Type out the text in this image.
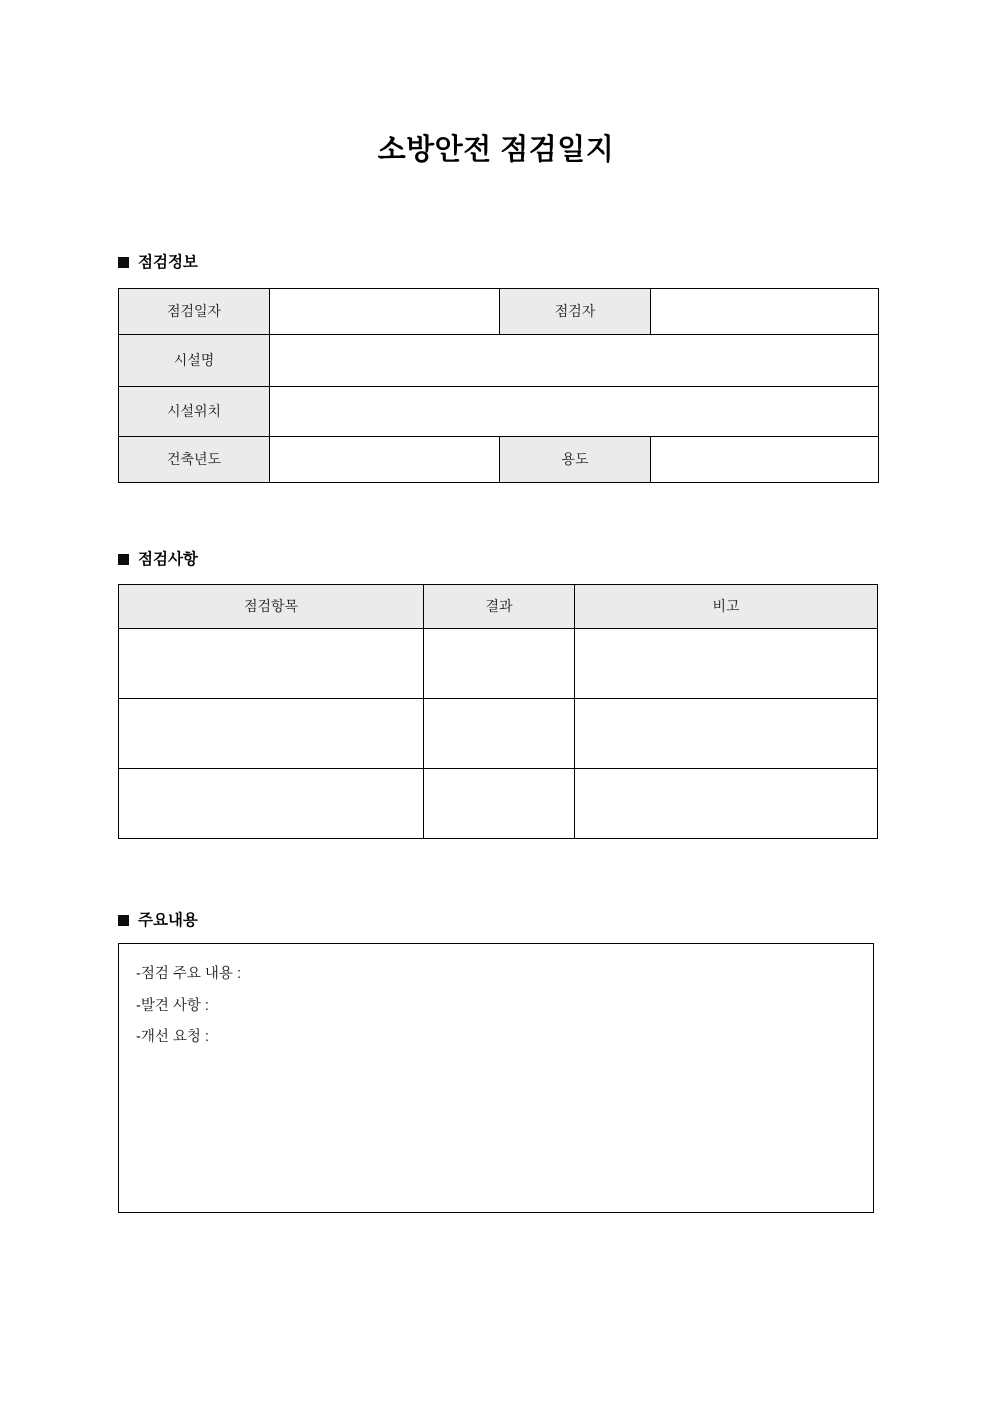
소방안전 점검일지
점검정보
점검일자		점검자	
시설명			
시설위치			
건축년도		용도	
점검사항
점검항목	결과	비고

주요내용
-점검 주요 내용 :
-발견 사항 :
-개선 요청 :
